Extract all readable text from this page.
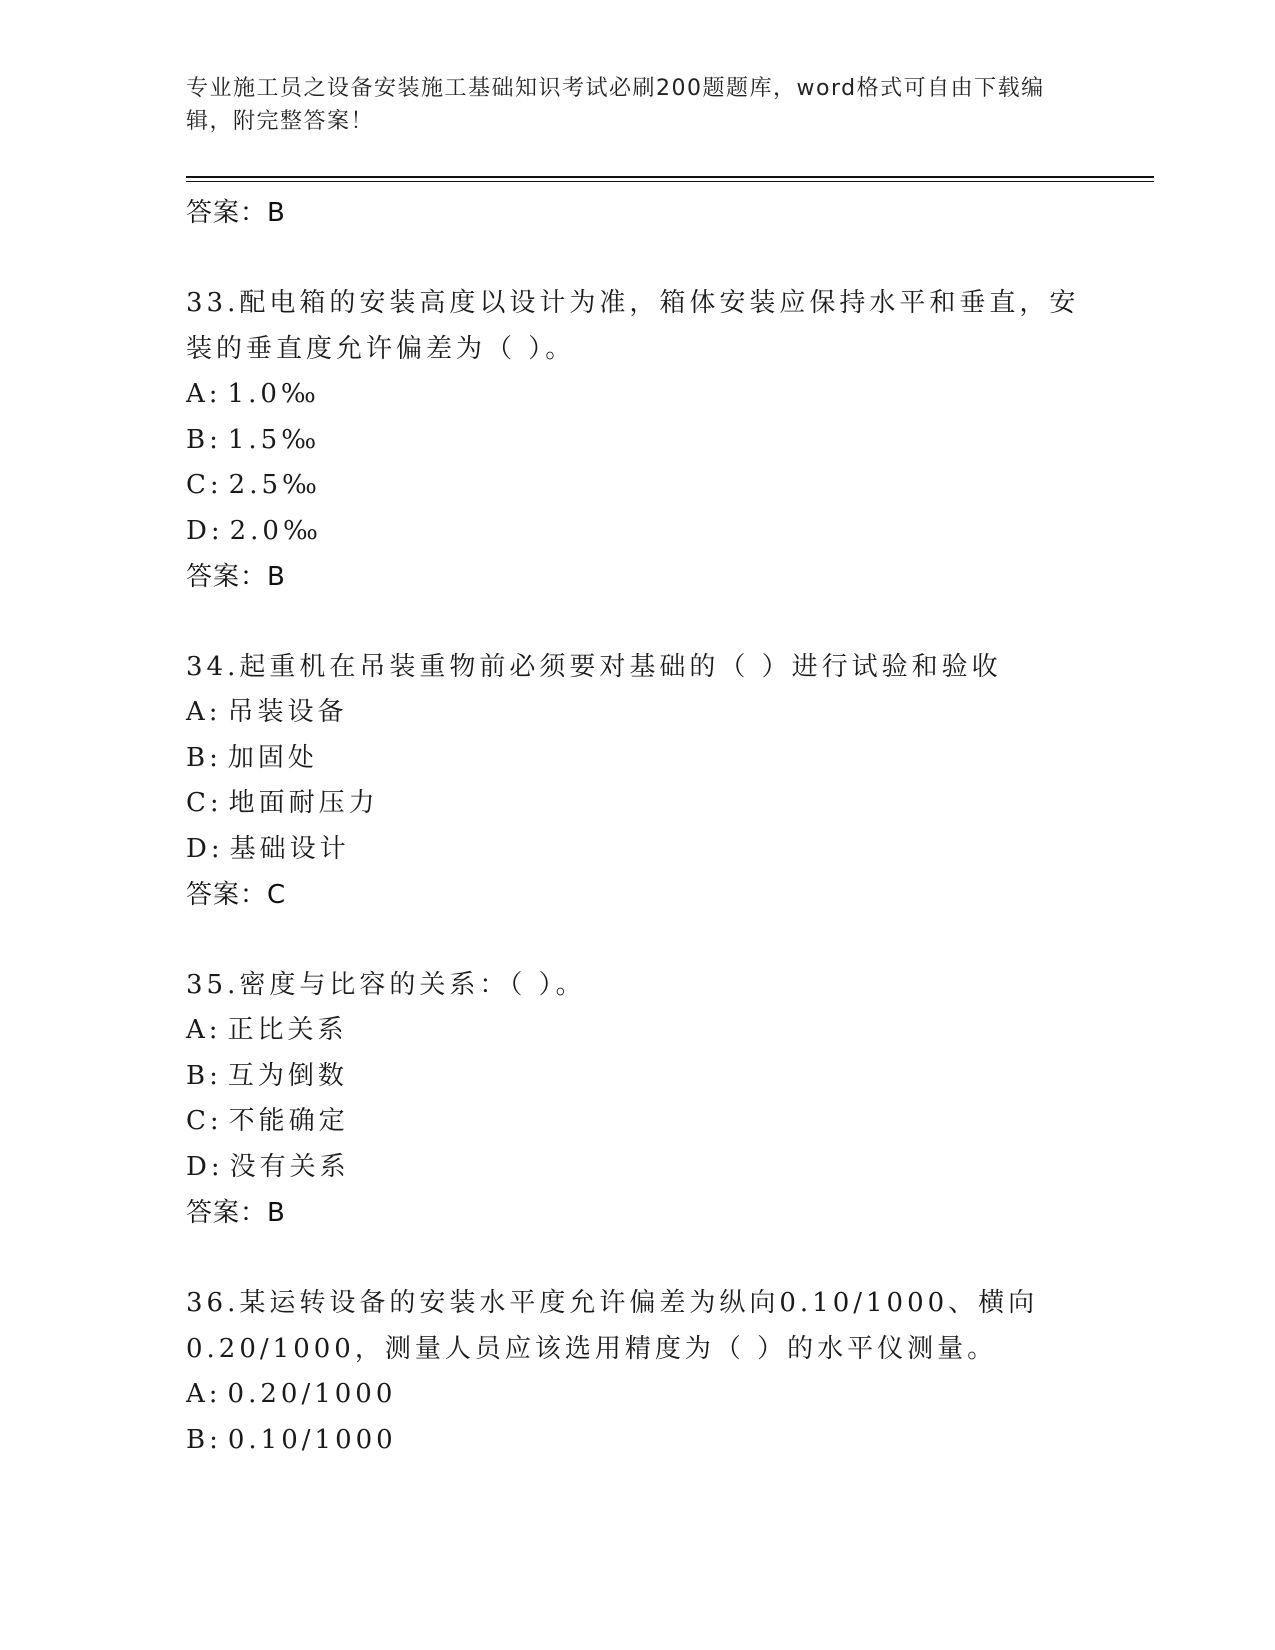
专业施工员之设备安装施工基础知识考试必刷200题题库，word格式可自由下载编辑，附完整答案！
答案：B
33.配电箱的安装高度以设计为准，箱体安装应保持水平和垂直，安装的垂直度允许偏差为（ ）。
A: 1.0‰
B: 1.5‰
C: 2.5‰
D: 2.0‰
答案：B
34.起重机在吊装重物前必须要对基础的（ ）进行试验和验收
A: 吊装设备
B: 加固处
C: 地面耐压力
D: 基础设计
答案：C
35.密度与比容的关系：（ ）。
A: 正比关系
B: 互为倒数
C: 不能确定
D: 没有关系
答案：B
36.某运转设备的安装水平度允许偏差为纵向0.10/1000、横向0.20/1000，测量人员应该选用精度为（ ）的水平仪测量。
A: 0.20/1000
B: 0.10/1000
